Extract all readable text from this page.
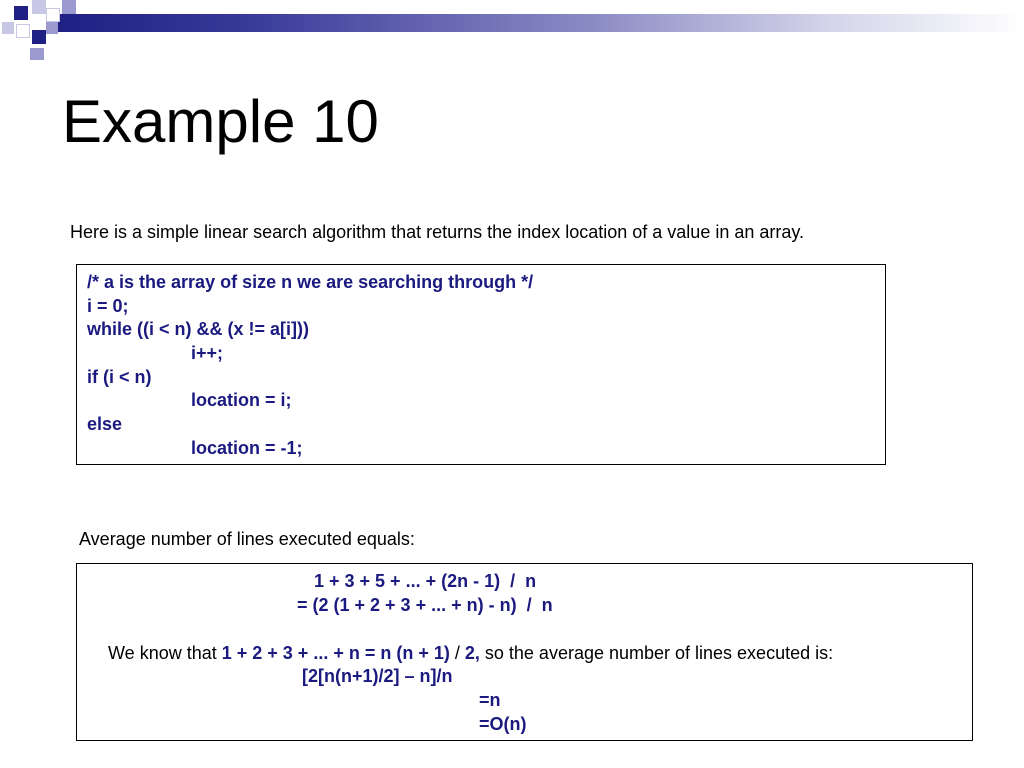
Example 10
Here is a simple linear search algorithm that returns the index location of a value in an array.
/* a is the array of size n we are searching through */
i = 0;
while ((i < n) && (x != a[i]))
i++;
if (i < n)
location = i;
else
location = -1;
Average number of lines executed equals:
1 + 3 + 5 + ... + (2n - 1)  /  n
= (2 (1 + 2 + 3 + ... + n) - n)  /  n

We know that 1 + 2 + 3 + ... + n = n (n + 1) / 2, so the average number of lines executed is:

[2[n(n+1)/2] – n]/n
=n
=O(n)
